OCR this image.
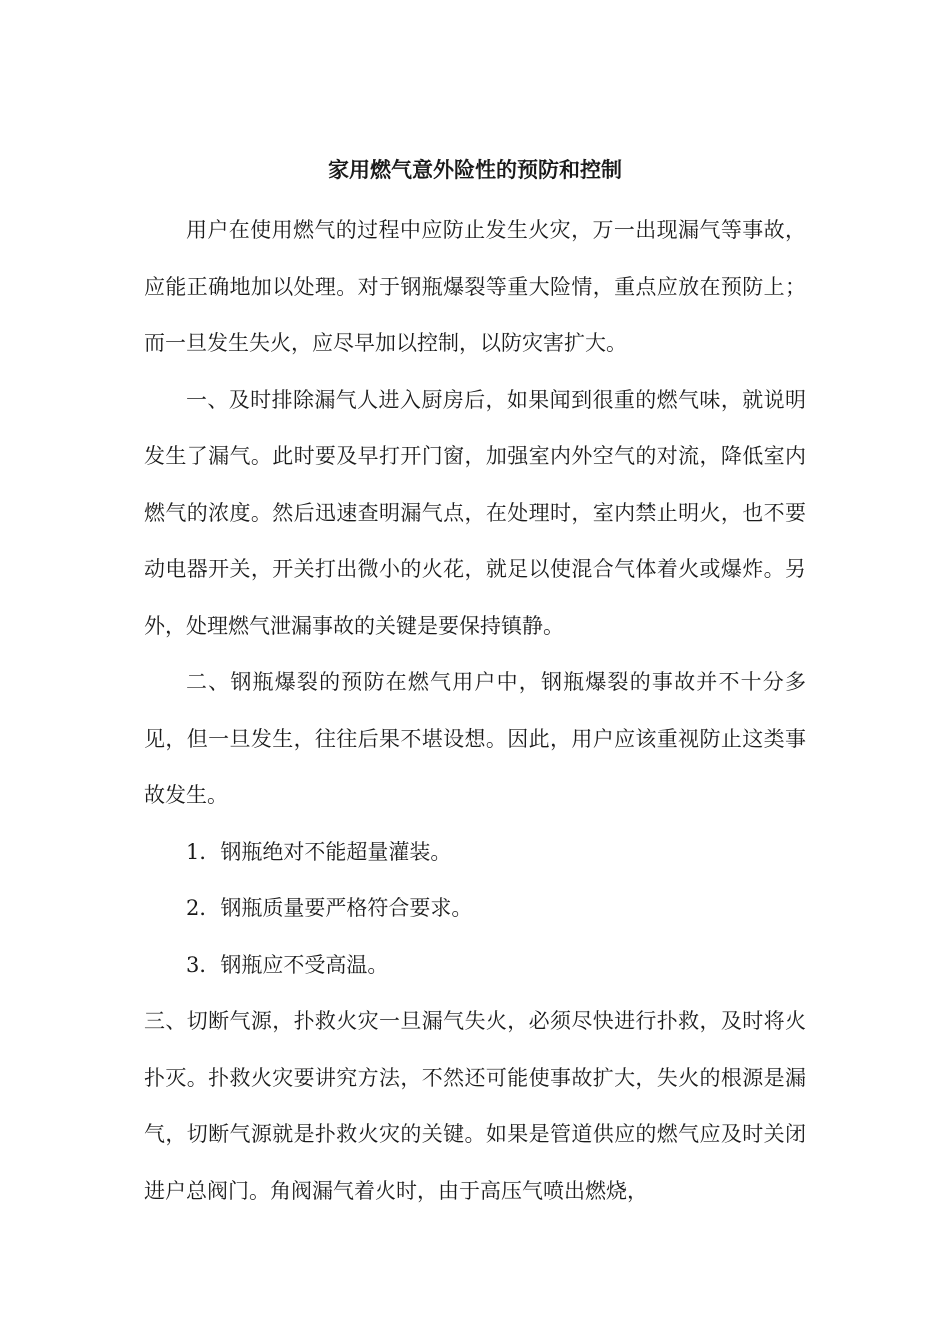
家用燃气意外险性的预防和控制

用户在使用燃气的过程中应防止发生火灾，万一出现漏气等事故，应能正确地加以处理。对于钢瓶爆裂等重大险情，重点应放在预防上；而一旦发生失火，应尽早加以控制，以防灾害扩大。

一、及时排除漏气人进入厨房后，如果闻到很重的燃气味，就说明发生了漏气。此时要及早打开门窗，加强室内外空气的对流，降低室内燃气的浓度。然后迅速查明漏气点，在处理时，室内禁止明火，也不要动电器开关，开关打出微小的火花，就足以使混合气体着火或爆炸。另外，处理燃气泄漏事故的关键是要保持镇静。

二、钢瓶爆裂的预防在燃气用户中，钢瓶爆裂的事故并不十分多见，但一旦发生，往往后果不堪设想。因此，用户应该重视防止这类事故发生。

1．钢瓶绝对不能超量灌装。

2．钢瓶质量要严格符合要求。

3．钢瓶应不受高温。

三、切断气源，扑救火灾一旦漏气失火，必须尽快进行扑救，及时将火扑灭。扑救火灾要讲究方法，不然还可能使事故扩大，失火的根源是漏气，切断气源就是扑救火灾的关键。如果是管道供应的燃气应及时关闭进户总阀门。角阀漏气着火时，由于高压气喷出燃烧，
